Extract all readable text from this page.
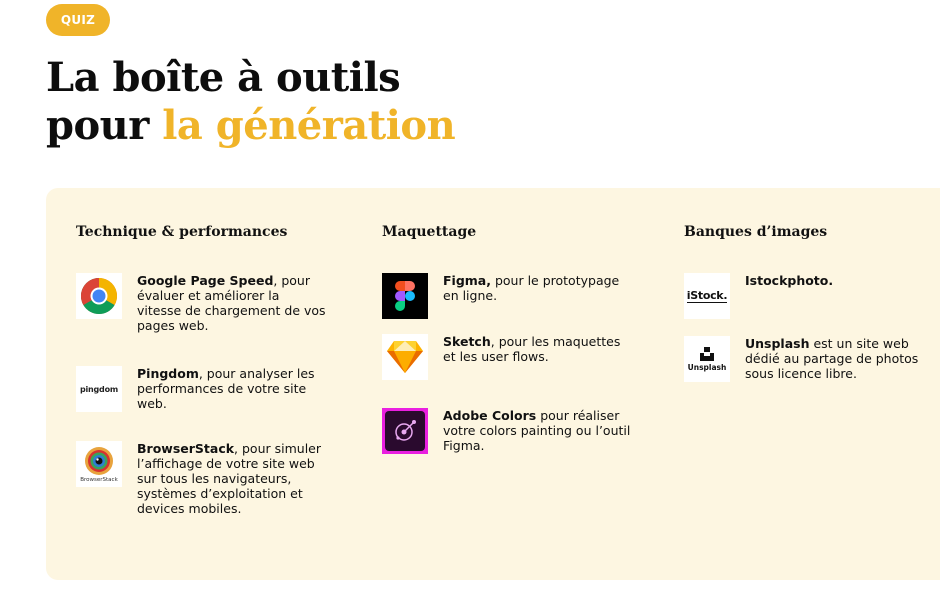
QUIZ
La boîte à outils
pour la génération
Technique & performances
Google Page Speed, pour évaluer et améliorer la vitesse de chargement de vos pages web.
pingdom
Pingdom, pour analyser les performances de votre site web.
BrowserStack
BrowserStack, pour simuler l’affichage de votre site web sur tous les navigateurs, systèmes d’exploitation et devices mobiles.
Maquettage
Figma, pour le prototypage en ligne.
Sketch, pour les maquettes et les user flows.
Adobe Colors pour réaliser votre colors painting ou l’outil Figma.
Banques d’images
iStock.
Istockphoto.
Unsplash
Unsplash est un site web dédié au partage de photos sous licence libre.
